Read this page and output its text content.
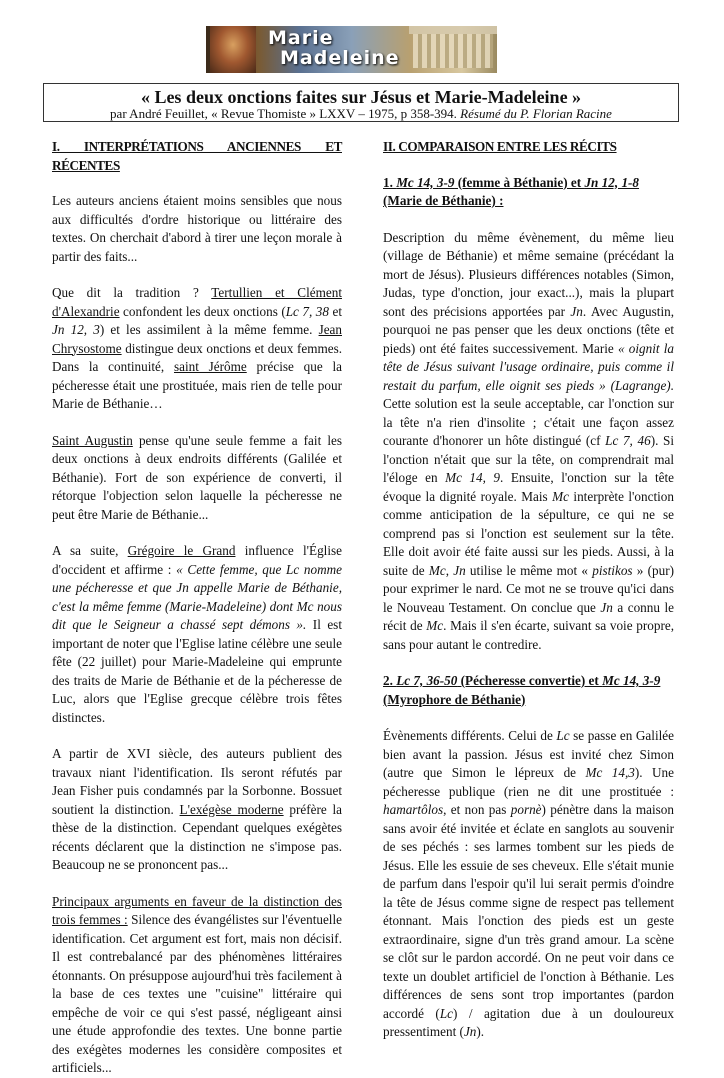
Marie
Madeleine
« Les deux onctions faites sur Jésus et Marie-Madeleine »
par André Feuillet, « Revue Thomiste » LXXV – 1975, p 358-394. Résumé du P. Florian Racine

I. INTERPRÉTATIONS ANCIENNES ET RÉCENTES

Les auteurs anciens étaient moins sensibles que nous aux difficultés d'ordre historique ou littéraire des textes. On cherchait d'abord à tirer une leçon morale à partir des faits...

Que dit la tradition ? Tertullien et Clément d'Alexandrie confondent les deux onctions (Lc 7, 38 et Jn 12, 3) et les assimilent à la même femme. Jean Chrysostome distingue deux onctions et deux femmes. Dans la continuité, saint Jérôme précise que la pécheresse était une prostituée, mais rien de telle pour Marie de Béthanie…

Saint Augustin pense qu'une seule femme a fait les deux onctions à deux endroits différents (Galilée et Béthanie). Fort de son expérience de converti, il rétorque l'objection selon laquelle la pécheresse ne peut être Marie de Béthanie...

A sa suite, Grégoire le Grand influence l'Église d'occident et affirme : « Cette femme, que Lc nomme une pécheresse et que Jn appelle Marie de Béthanie, c'est la même femme (Marie-Madeleine) dont Mc nous dit que le Seigneur a chassé sept démons ». Il est important de noter que l'Eglise latine célèbre une seule fête (22 juillet) pour Marie-Madeleine qui emprunte des traits de Marie de Béthanie et de la pécheresse de Luc, alors que l'Eglise grecque célèbre trois fêtes distinctes.

A partir de XVI siècle, des auteurs publient des travaux niant l'identification. Ils seront réfutés par Jean Fisher puis condamnés par la Sorbonne. Bossuet soutient la distinction. L'exégèse moderne préfère la thèse de la distinction. Cependant quelques exégètes récents déclarent que la distinction ne s'impose pas. Beaucoup ne se prononcent pas...

Principaux arguments en faveur de la distinction des trois femmes : Silence des évangélistes sur l'éventuelle identification. Cet argument est fort, mais non décisif. Il est contrebalancé par des phénomènes littéraires étonnants. On présuppose aujourd'hui très facilement à la base de ces textes une "cuisine" littéraire qui empêche de voir ce qui s'est passé, négligeant ainsi une étude approfondie des textes. Une bonne partie des exégètes modernes les considère composites et artificiels...

II. COMPARAISON ENTRE LES RÉCITS

1. Mc 14, 3-9 (femme à Béthanie) et Jn 12, 1-8 (Marie de Béthanie) :

Description du même évènement, du même lieu (village de Béthanie) et même semaine (précédant la mort de Jésus). Plusieurs différences notables (Simon, Judas, type d'onction, jour exact...), mais la plupart sont des précisions apportées par Jn. Avec Augustin, pourquoi ne pas penser que les deux onctions (tête et pieds) ont été faites successivement. Marie « oignit la tête de Jésus suivant l'usage ordinaire, puis comme il restait du parfum, elle oignit ses pieds » (Lagrange). Cette solution est la seule acceptable, car l'onction sur la tête n'a rien d'insolite ; c'était une façon assez courante d'honorer un hôte distingué (cf Lc 7, 46). Si l'onction n'était que sur la tête, on comprendrait mal l'éloge en Mc 14, 9. Ensuite, l'onction sur la tête évoque la dignité royale. Mais Mc interprète l'onction comme anticipation de la sépulture, ce qui ne se comprend pas si l'onction est seulement sur la tête. Elle doit avoir été faite aussi sur les pieds. Aussi, à la suite de Mc, Jn utilise le même mot « pistikos » (pur) pour exprimer le nard. Ce mot ne se trouve qu'ici dans le Nouveau Testament. On conclue que Jn a connu le récit de Mc. Mais il s'en écarte, suivant sa voie propre, sans pour autant le contredire.

2. Lc 7, 36-50 (Pécheresse convertie) et Mc 14, 3-9 (Myrophore de Béthanie)

Évènements différents. Celui de Lc se passe en Galilée bien avant la passion. Jésus est invité chez Simon (autre que Simon le lépreux de Mc 14,3). Une pécheresse publique (rien ne dit une prostituée : hamartôlos, et non pas pornè) pénètre dans la maison sans avoir été invitée et éclate en sanglots au souvenir de ses péchés : ses larmes tombent sur les pieds de Jésus. Elle les essuie de ses cheveux. Elle s'était munie de parfum dans l'espoir qu'il lui serait permis d'oindre la tête de Jésus comme signe de respect pas tellement étonnant. Mais l'onction des pieds est un geste extraordinaire, signe d'un très grand amour. La scène se clôt sur le pardon accordé. On ne peut voir dans ce texte un doublet artificiel de l'onction à Béthanie. Les différences de sens sont trop importantes (pardon accordé (Lc) / agitation due à un douloureux pressentiment (Jn).
